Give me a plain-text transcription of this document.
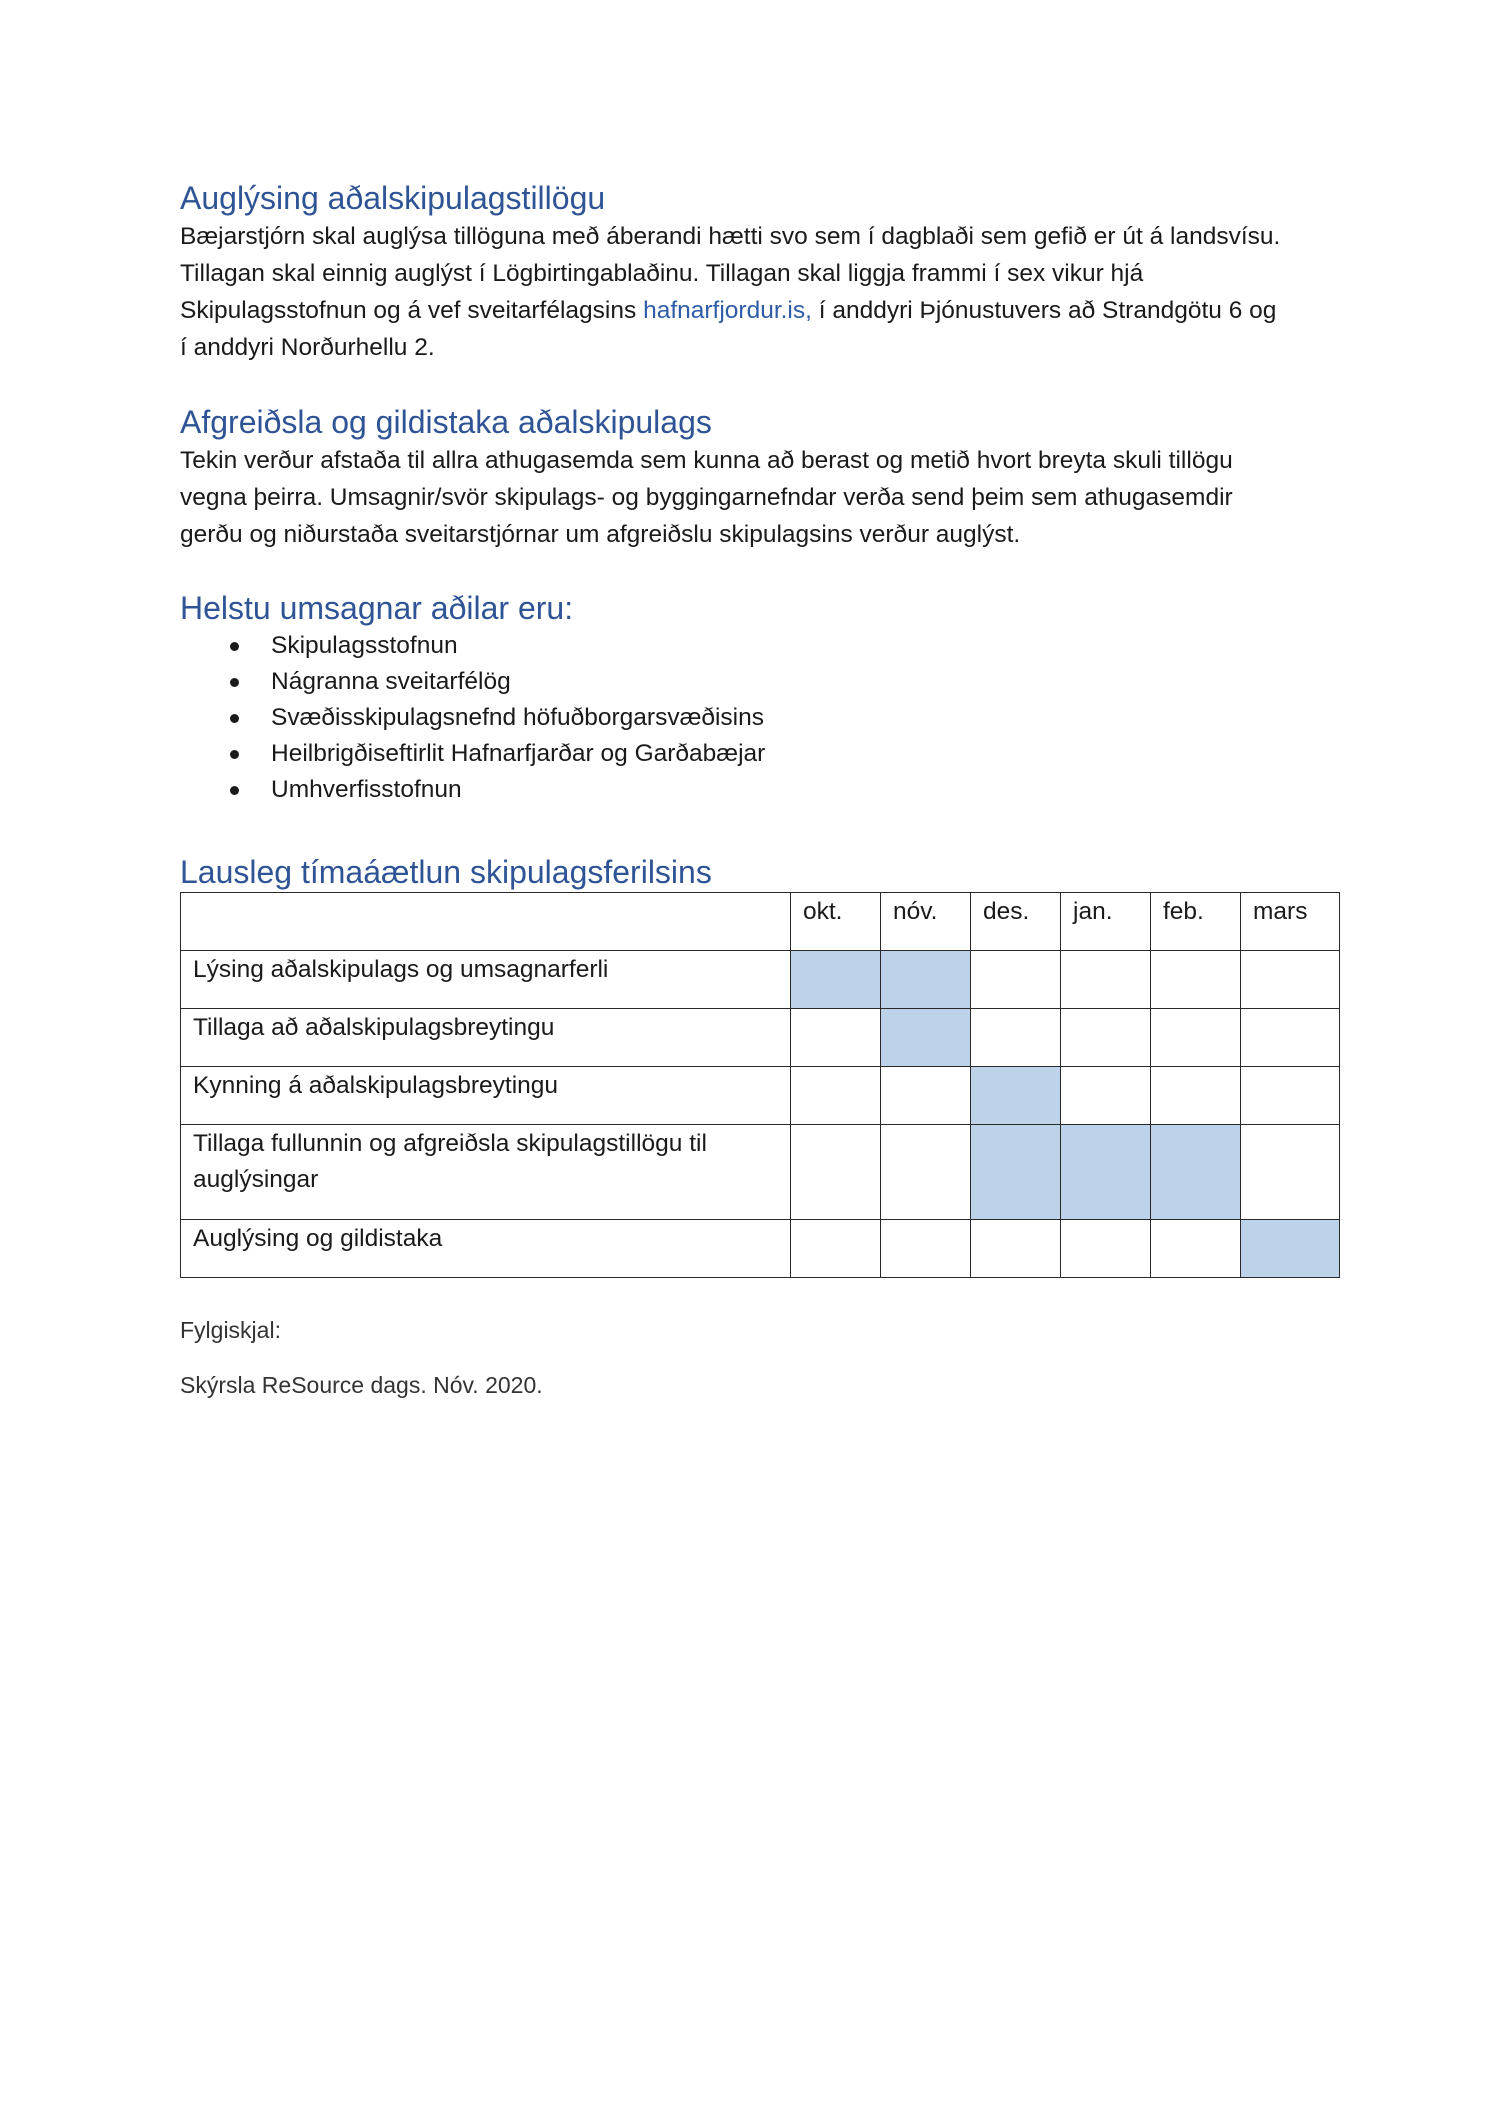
Auglýsing aðalskipulagstillögu

Bæjarstjórn skal auglýsa tillöguna með áberandi hætti svo sem í dagblaði sem gefið er út á landsvísu.
Tillagan skal einnig auglýst í Lögbirtingablaðinu. Tillagan skal liggja frammi í sex vikur hjá
Skipulagsstofnun og á vef sveitarfélagsins hafnarfjordur.is, í anddyri Þjónustuvers að Strandgötu 6 og
í anddyri Norðurhellu 2.

Afgreiðsla og gildistaka aðalskipulags

Tekin verður afstaða til allra athugasemda sem kunna að berast og metið hvort breyta skuli tillögu
vegna þeirra. Umsagnir/svör skipulags- og byggingarnefndar verða send þeim sem athugasemdir
gerðu og niðurstaða sveitarstjórnar um afgreiðslu skipulagsins verður auglýst.

Helstu umsagnar aðilar eru:
Skipulagsstofnun
Nágranna sveitarfélög
Svæðisskipulagsnefnd höfuðborgarsvæðisins
Heilbrigðiseftirlit Hafnarfjarðar og Garðabæjar
Umhverfisstofnun
Lausleg tímaáætlun skipulagsferilsins
	okt.	nóv.	des.	jan.	feb.	mars
Lýsing aðalskipulags og umsagnarferli						
Tillaga að aðalskipulagsbreytingu						
Kynning á aðalskipulagsbreytingu						
Tillaga fullunnin og afgreiðsla skipulagstillögu til auglýsingar						
Auglýsing og gildistaka						

Fylgiskjal:

Skýrsla ReSource dags. Nóv. 2020.
